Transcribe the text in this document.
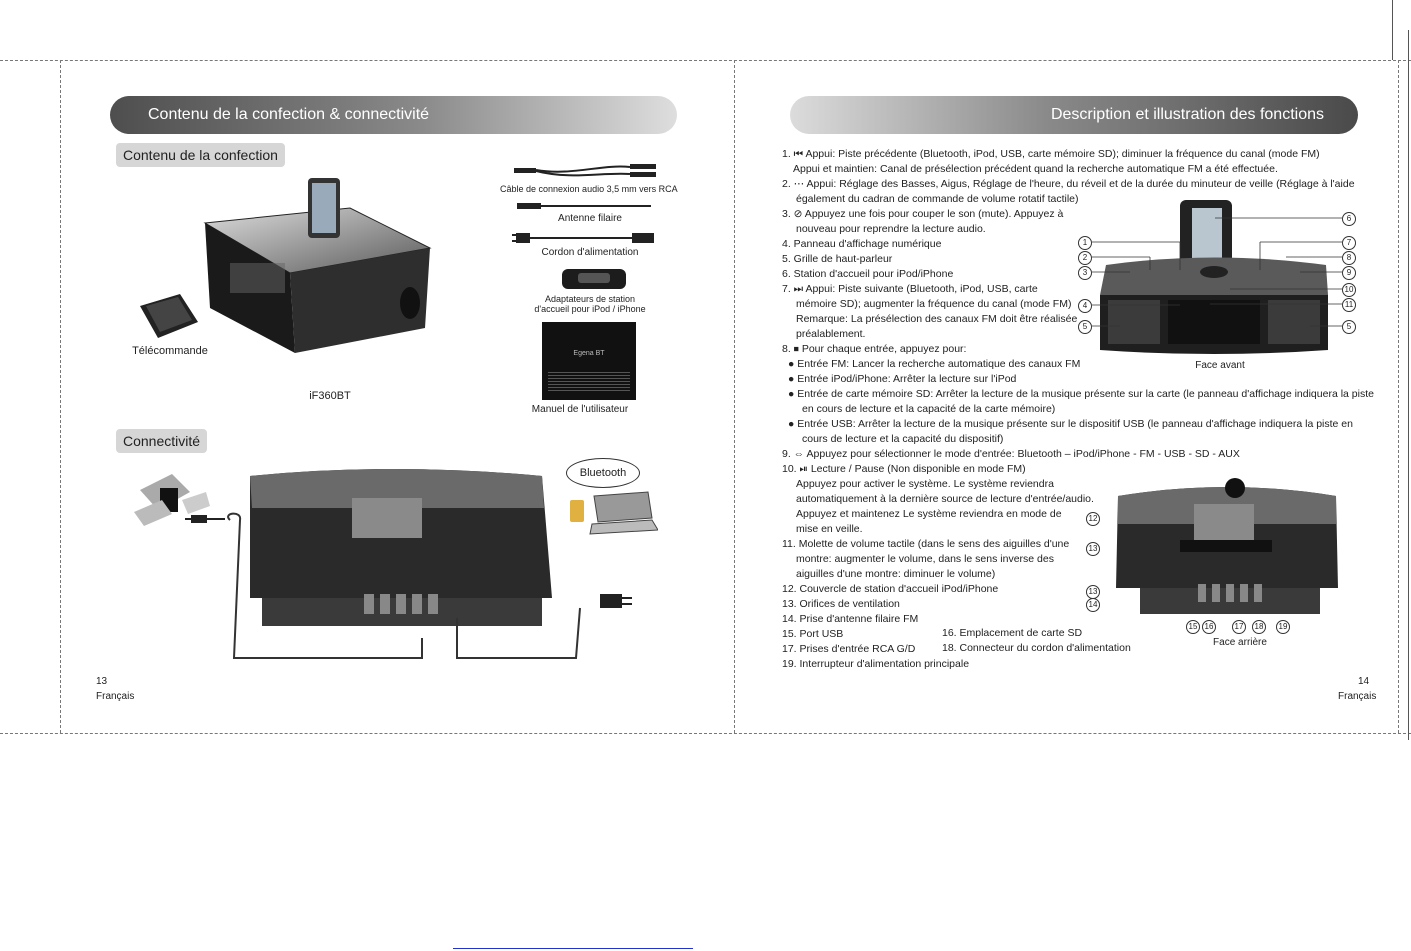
Contenu de la confection & connectivité
Contenu de la confection
Télécommande
iF360BT
Câble de connexion audio 3,5 mm vers RCA
Antenne filaire
Cordon d'alimentation
Adaptateurs de station
d'accueil pour iPod / iPhone
Egena BT
Manuel de l'utilisateur
Connectivité
Bluetooth
13
Français
Description et illustration des fonctions
1. ⏮ Appui: Piste précédente (Bluetooth, iPod, USB, carte mémoire SD); diminuer la fréquence du canal (mode FM)
Appui et maintien: Canal de présélection précédent quand la recherche automatique FM a été effectuée.
2. ⋯ Appui: Réglage des Basses, Aigus, Réglage de l'heure, du réveil et de la durée du minuteur de veille (Réglage à l'aide
également du cadran de commande de volume rotatif tactile)
3. ⊘ Appuyez une fois pour couper le son (mute). Appuyez à
nouveau pour reprendre la lecture audio.
4. Panneau d'affichage numérique
5. Grille de haut-parleur
6. Station d'accueil pour iPod/iPhone
7. ⏭ Appui: Piste suivante (Bluetooth, iPod, USB, carte
mémoire SD); augmenter la fréquence du canal (mode FM)
Remarque: La présélection des canaux FM doit être réalisée
préalablement.
8. ⏹ Pour chaque entrée, appuyez pour:
● Entrée FM: Lancer la recherche automatique des canaux FM
● Entrée iPod/iPhone: Arrêter la lecture sur l'iPod
● Entrée de carte mémoire SD: Arrêter la lecture de la musique présente sur la carte (le panneau d'affichage indiquera la piste
en cours de lecture et la capacité de la carte mémoire)
● Entrée USB: Arrêter la lecture de la musique présente sur le dispositif USB (le panneau d'affichage indiquera la piste en
cours de lecture et la capacité du dispositif)
9. ⇔ Appuyez pour sélectionner le mode d'entrée: Bluetooth – iPod/iPhone - FM - USB - SD - AUX
10. ⏯ Lecture / Pause (Non disponible en mode FM)
Appuyez pour activer le système. Le système reviendra
automatiquement à la dernière source de lecture d'entrée/audio.
Appuyez et maintenez Le système reviendra en mode de
mise en veille.
11. Molette de volume tactile (dans le sens des aiguilles d'une
montre: augmenter le volume, dans le sens inverse des
aiguilles d'une montre: diminuer le volume)
12. Couvercle de station d'accueil iPod/iPhone
13. Orifices de ventilation
14. Prise d'antenne filaire FM
15. Port USB
17. Prises d'entrée RCA G/D
19. Interrupteur d'alimentation principale
16. Emplacement de carte SD
18. Connecteur du cordon d'alimentation
Face avant
1
2
3
4
5
6
7
8
9
10
11
5
Face arrière
12
13
13
14
15 16	17	18	19
14
Français
